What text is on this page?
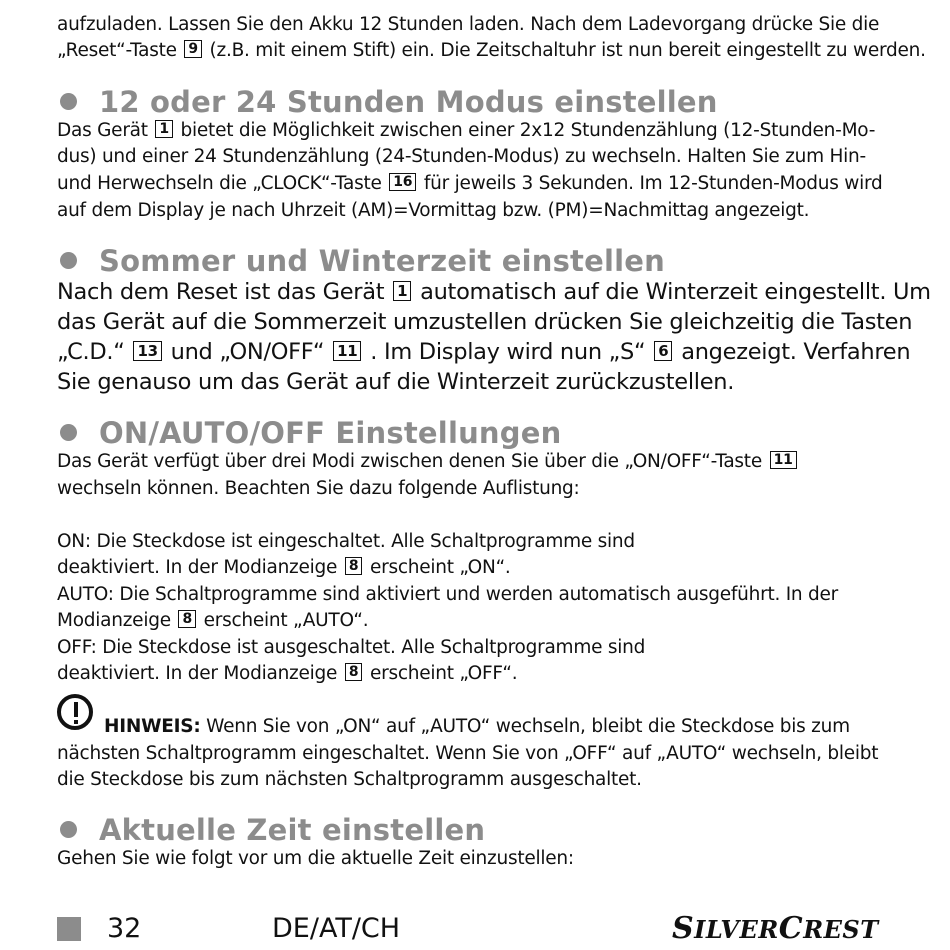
aufzuladen. Lassen Sie den Akku 12 Stunden laden. Nach dem Ladevorgang drücke Sie die
„Reset“-Taste 9 (z.B. mit einem Stift) ein. Die Zeitschaltuhr ist nun bereit eingestellt zu werden.
12 oder 24 Stunden Modus einstellen
Das Gerät 1 bietet die Möglichkeit zwischen einer 2x12 Stundenzählung (12-Stunden-Mo-
dus) und einer 24 Stundenzählung (24-Stunden-Modus) zu wechseln. Halten Sie zum Hin-
und Herwechseln die „CLOCK“-Taste 16 für jeweils 3 Sekunden. Im 12-Stunden-Modus wird
auf dem Display je nach Uhrzeit (AM)=Vormittag bzw. (PM)=Nachmittag angezeigt.
Sommer und Winterzeit einstellen
Nach dem Reset ist das Gerät 1 automatisch auf die Winterzeit eingestellt. Um
das Gerät auf die Sommerzeit umzustellen drücken Sie gleichzeitig die Tasten
„C.D.“ 13 und „ON/OFF“ 11 . Im Display wird nun „S“ 6 angezeigt. Verfahren
Sie genauso um das Gerät auf die Winterzeit zurückzustellen.
ON/AUTO/OFF Einstellungen
Das Gerät verfügt über drei Modi zwischen denen Sie über die „ON/OFF“-Taste 11
wechseln können. Beachten Sie dazu folgende Auflistung:
ON: Die Steckdose ist eingeschaltet. Alle Schaltprogramme sind
deaktiviert. In der Modianzeige 8 erscheint „ON“.
AUTO: Die Schaltprogramme sind aktiviert und werden automatisch ausgeführt. In der
Modianzeige 8 erscheint „AUTO“.
OFF: Die Steckdose ist ausgeschaltet. Alle Schaltprogramme sind
deaktiviert. In der Modianzeige 8 erscheint „OFF“.
HINWEIS: Wenn Sie von „ON“ auf „AUTO“ wechseln, bleibt die Steckdose bis zum
nächsten Schaltprogramm eingeschaltet. Wenn Sie von „OFF“ auf „AUTO“ wechseln, bleibt
die Steckdose bis zum nächsten Schaltprogramm ausgeschaltet.
Aktuelle Zeit einstellen
Gehen Sie wie folgt vor um die aktuelle Zeit einzustellen:
32	DE/AT/CH	SILVERCREST
